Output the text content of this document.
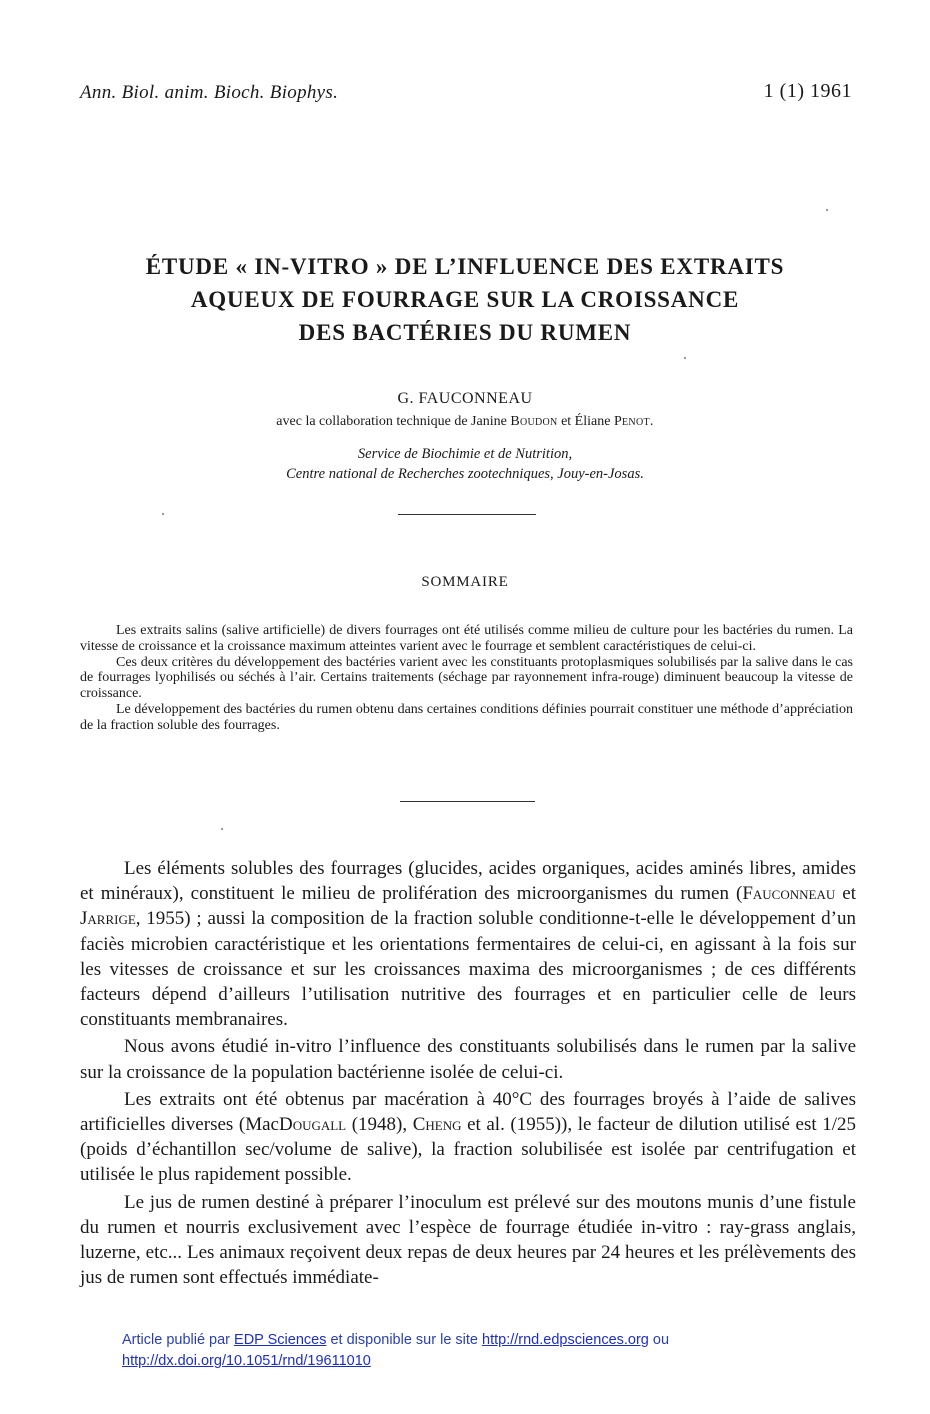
Ann. Biol. anim. Bioch. Biophys.	1 (1) 1961
ÉTUDE « IN-VITRO » DE L’INFLUENCE DES EXTRAITS
AQUEUX DE FOURRAGE SUR LA CROISSANCE
DES BACTÉRIES DU RUMEN
G. FAUCONNEAU
avec la collaboration technique de Janine Boudon et Éliane Penot.
Service de Biochimie et de Nutrition,
Centre national de Recherches zootechniques, Jouy-en-Josas.
SOMMAIRE

Les extraits salins (salive artificielle) de divers fourrages ont été utilisés comme milieu de culture pour les bactéries du rumen. La vitesse de croissance et la croissance maximum atteintes varient avec le fourrage et semblent caractéristiques de celui-ci.

Ces deux critères du développement des bactéries varient avec les constituants protoplasmiques solubilisés par la salive dans le cas de fourrages lyophilisés ou séchés à l’air. Certains traitements (séchage par rayonnement infra-rouge) diminuent beaucoup la vitesse de croissance.

Le développement des bactéries du rumen obtenu dans certaines conditions définies pourrait constituer une méthode d’appréciation de la fraction soluble des fourrages.

Les éléments solubles des fourrages (glucides, acides organiques, acides aminés libres, amides et minéraux), constituent le milieu de prolifération des microorganismes du rumen (Fauconneau et Jarrige, 1955) ; aussi la composition de la fraction soluble conditionne-t-elle le développement d’un faciès microbien caractéristique et les orientations fermentaires de celui-ci, en agissant à la fois sur les vitesses de croissance et sur les croissances maxima des microorganismes ; de ces différents facteurs dépend d’ailleurs l’utilisation nutritive des fourrages et en particulier celle de leurs constituants membranaires.

Nous avons étudié in-vitro l’influence des constituants solubilisés dans le rumen par la salive sur la croissance de la population bactérienne isolée de celui-ci.

Les extraits ont été obtenus par macération à 40°C des fourrages broyés à l’aide de salives artificielles diverses (MacDougall (1948), Cheng et al. (1955)), le facteur de dilution utilisé est 1/25 (poids d’échantillon sec/volume de salive), la fraction solubilisée est isolée par centrifugation et utilisée le plus rapidement possible.

Le jus de rumen destiné à préparer l’inoculum est prélevé sur des moutons munis d’une fistule du rumen et nourris exclusivement avec l’espèce de fourrage étudiée in-vitro : ray-grass anglais, luzerne, etc... Les animaux reçoivent deux repas de deux heures par 24 heures et les prélèvements des jus de rumen sont effectués immédiate-

Article publié par EDP Sciences et disponible sur le site http://rnd.edpsciences.org ou
http://dx.doi.org/10.1051/rnd/19611010
